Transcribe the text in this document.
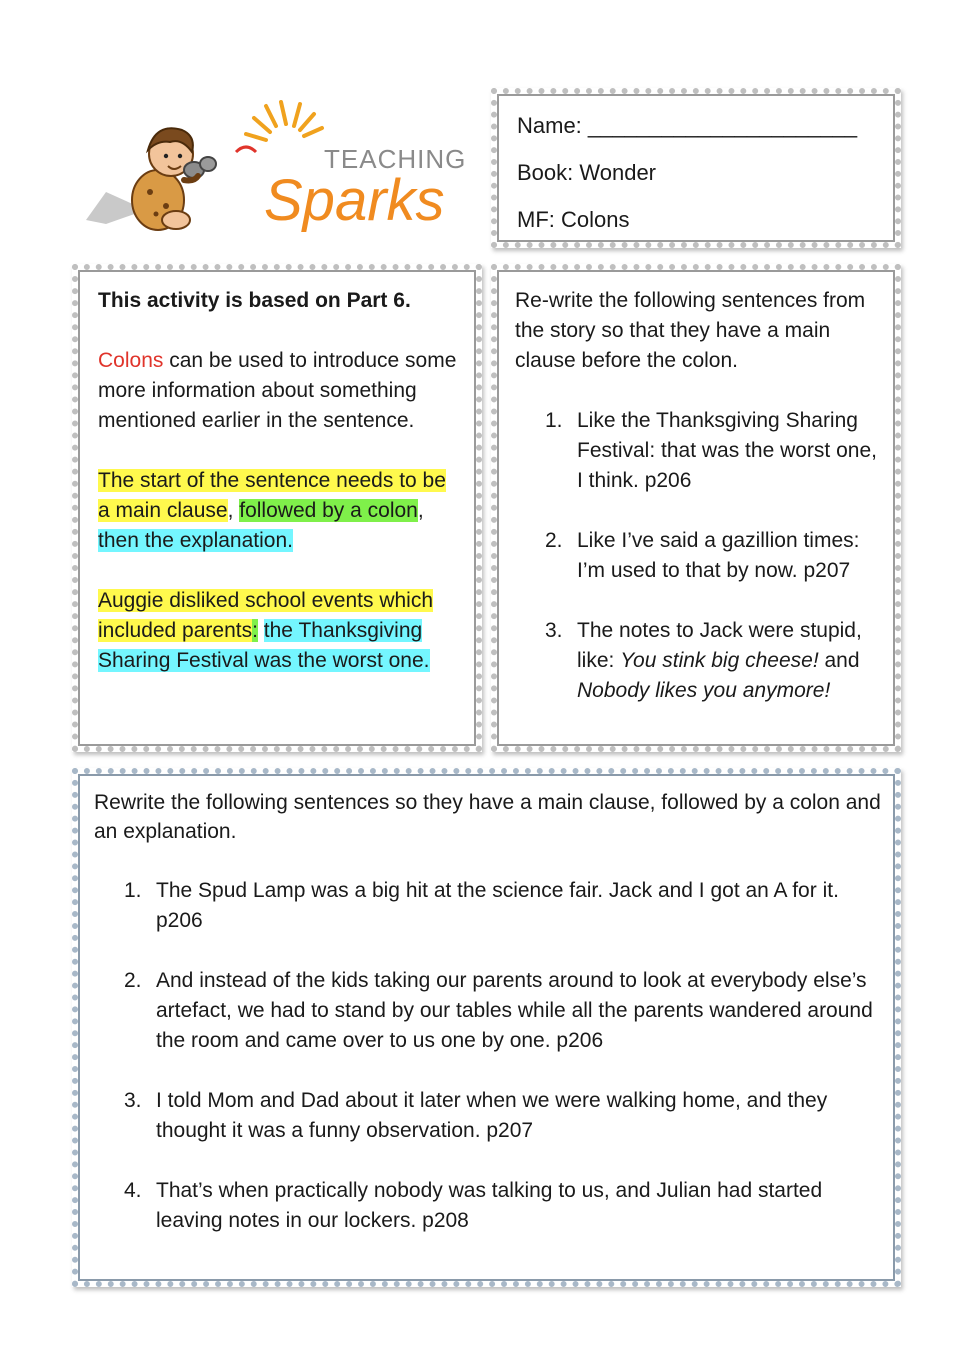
TEACHING
Sparks

Name: ______________________

Book: Wonder

MF: Colons

This activity is based on Part 6.

Colons can be used to introduce some more information about something mentioned earlier in the sentence.

The start of the sentence needs to be a main clause, followed by a colon, then the explanation.

Auggie disliked school events which included parents: the Thanksgiving Sharing Festival was the worst one.

Re-write the following sentences from the story so that they have a main clause before the colon.

1. Like the Thanksgiving Sharing Festival: that was the worst one, I think. p206
2. Like I’ve said a gazillion times: I’m used to that by now. p207
3. The notes to Jack were stupid, like: You stink big cheese! and Nobody likes you anymore!

Rewrite the following sentences so they have a main clause, followed by a colon and an explanation.

1. The Spud Lamp was a big hit at the science fair. Jack and I got an A for it. p206
2. And instead of the kids taking our parents around to look at everybody else’s artefact, we had to stand by our tables while all the parents wandered around the room and came over to us one by one. p206
3. I told Mom and Dad about it later when we were walking home, and they thought it was a funny observation. p207
4. That’s when practically nobody was talking to us, and Julian had started leaving notes in our lockers. p208
